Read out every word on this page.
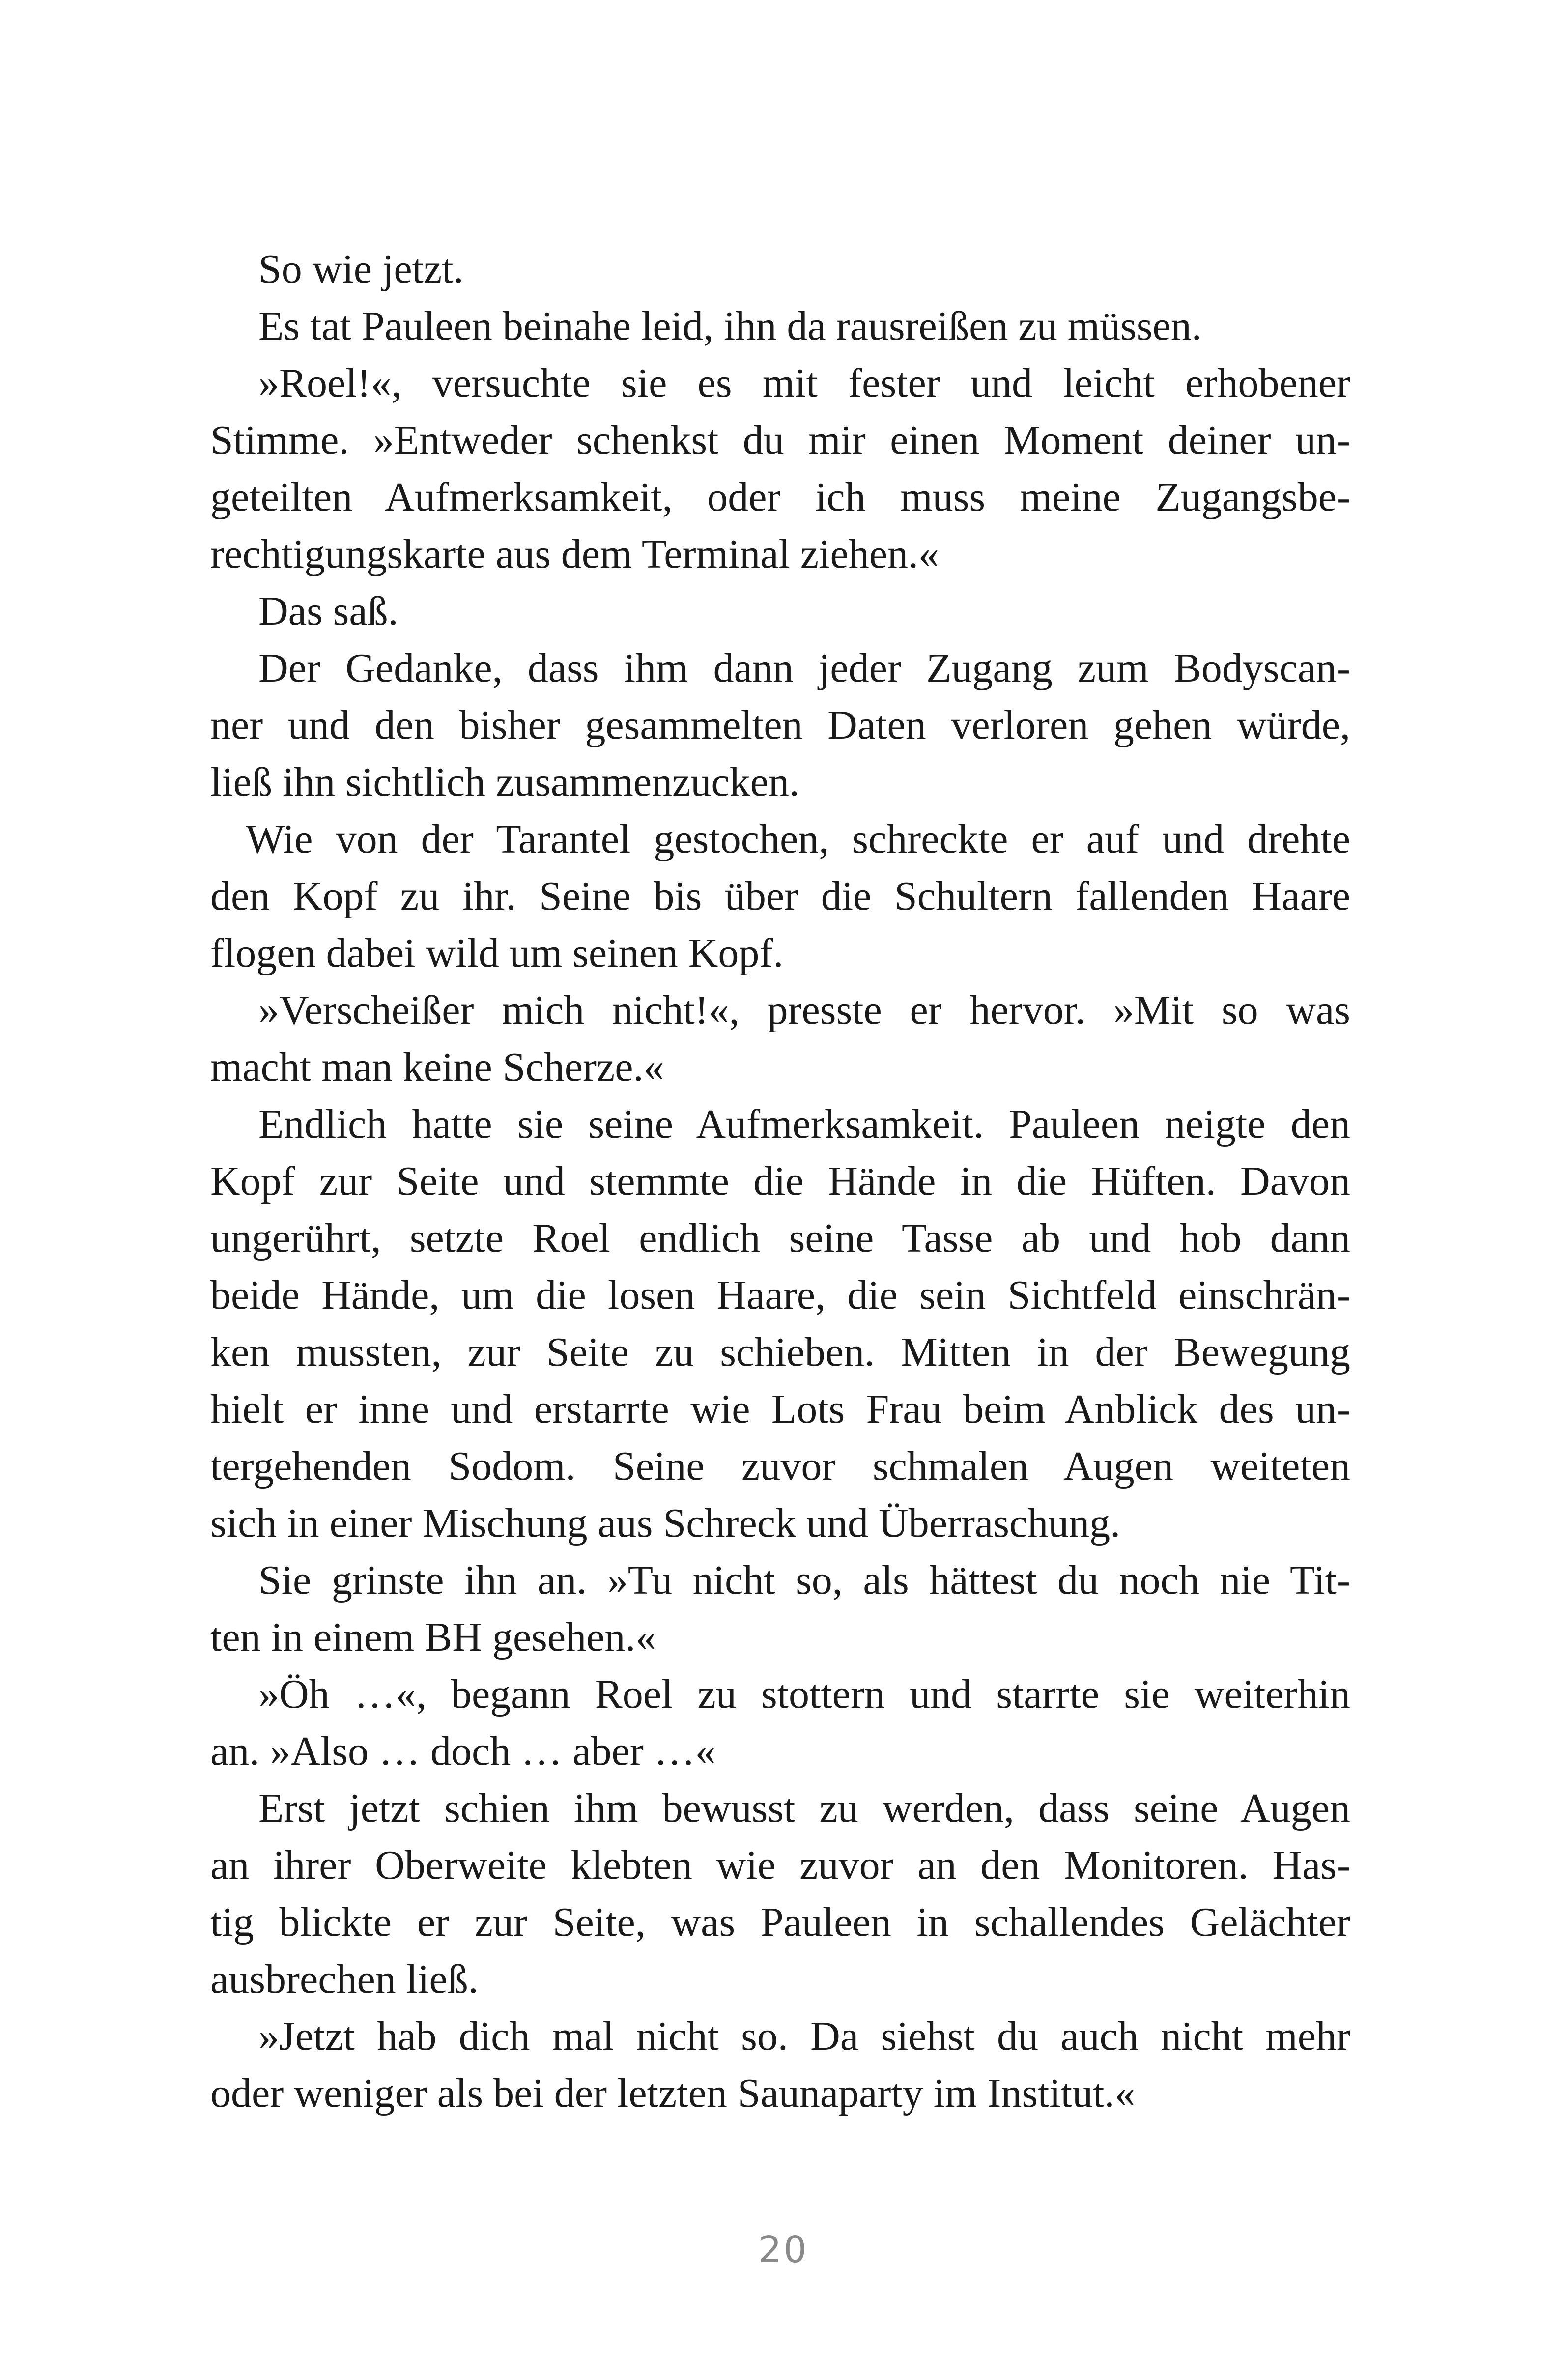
So wie jetzt.
Es tat Pauleen beinahe leid, ihn da rausreißen zu müssen.
»Roel!«, versuchte sie es mit fester und leicht erhobener
Stimme. »Entweder schenkst du mir einen Moment deiner un-
geteilten Aufmerksamkeit, oder ich muss meine Zugangsbe-
rechtigungskarte aus dem Terminal ziehen.«
Das saß.
Der Gedanke, dass ihm dann jeder Zugang zum Bodyscan-
ner und den bisher gesammelten Daten verloren gehen würde,
ließ ihn sichtlich zusammenzucken.
Wie von der Tarantel gestochen, schreckte er auf und drehte
den Kopf zu ihr. Seine bis über die Schultern fallenden Haare
flogen dabei wild um seinen Kopf.
»Verscheißer mich nicht!«, presste er hervor. »Mit so was
macht man keine Scherze.«
Endlich hatte sie seine Aufmerksamkeit. Pauleen neigte den
Kopf zur Seite und stemmte die Hände in die Hüften. Davon
ungerührt, setzte Roel endlich seine Tasse ab und hob dann
beide Hände, um die losen Haare, die sein Sichtfeld einschrän-
ken mussten, zur Seite zu schieben. Mitten in der Bewegung
hielt er inne und erstarrte wie Lots Frau beim Anblick des un-
tergehenden Sodom. Seine zuvor schmalen Augen weiteten
sich in einer Mischung aus Schreck und Überraschung.
Sie grinste ihn an. »Tu nicht so, als hättest du noch nie Tit-
ten in einem BH gesehen.«
»Öh …«, begann Roel zu stottern und starrte sie weiterhin
an. »Also … doch … aber …«
Erst jetzt schien ihm bewusst zu werden, dass seine Augen
an ihrer Oberweite klebten wie zuvor an den Monitoren. Has-
tig blickte er zur Seite, was Pauleen in schallendes Gelächter
ausbrechen ließ.
»Jetzt hab dich mal nicht so. Da siehst du auch nicht mehr
oder weniger als bei der letzten Saunaparty im Institut.«
20
